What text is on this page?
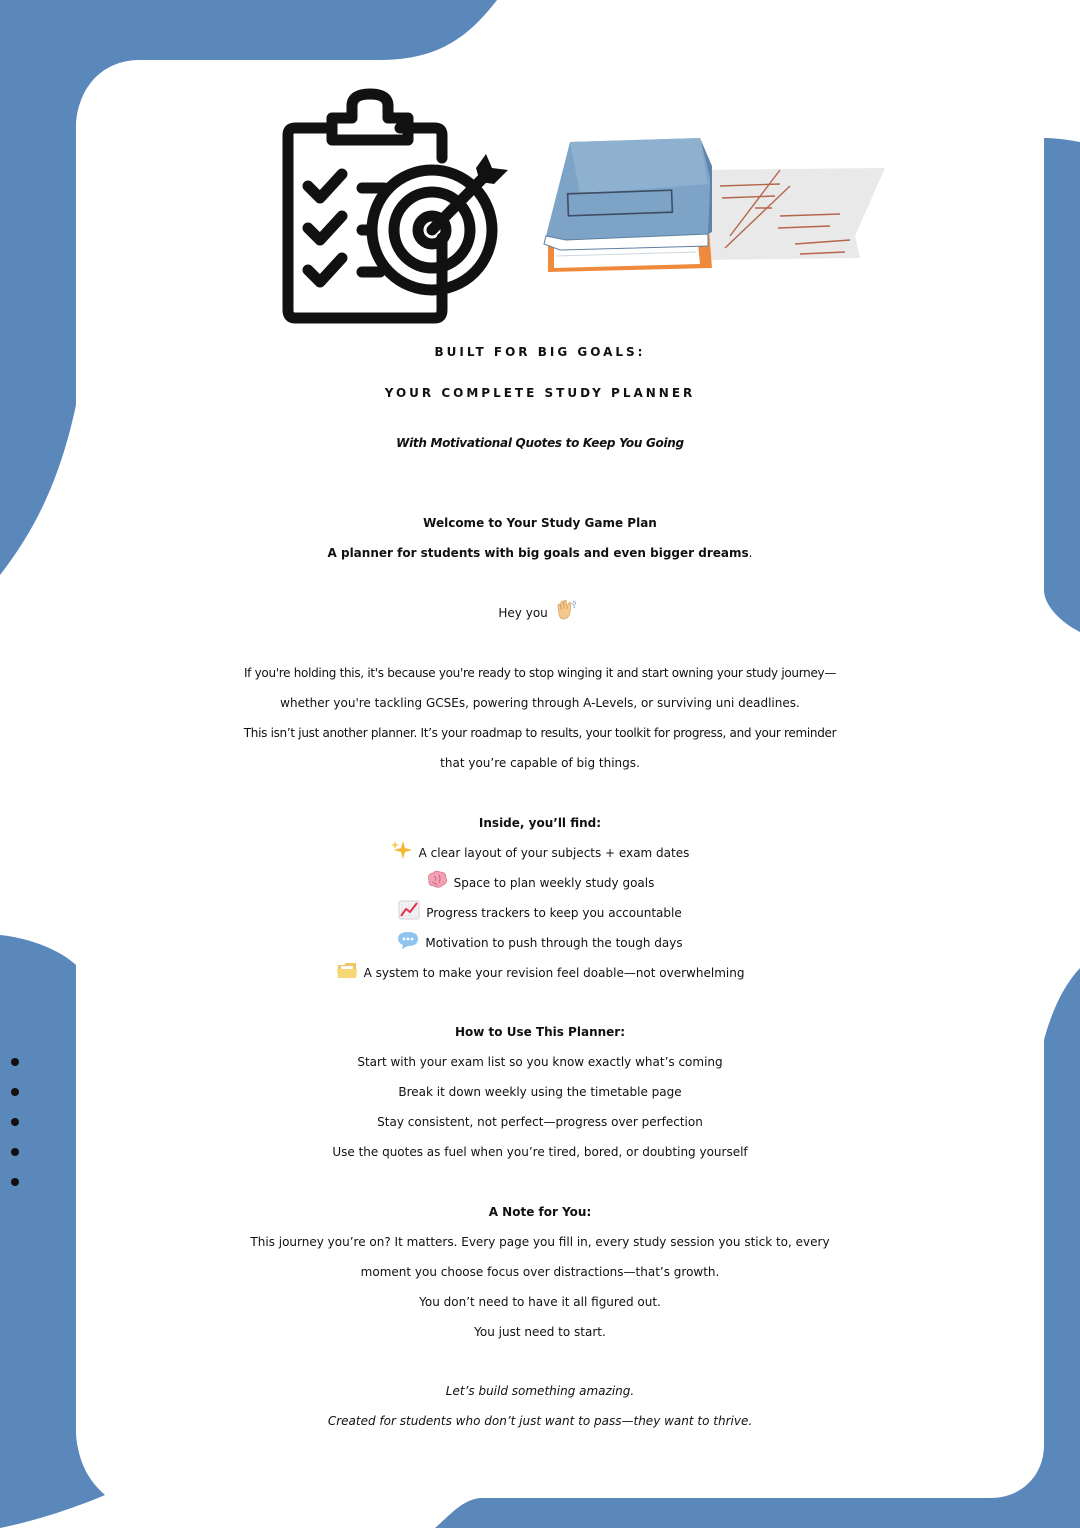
BUILT FOR BIG GOALS:
YOUR COMPLETE STUDY PLANNER

With Motivational Quotes to Keep You Going

Welcome to Your Study Game Plan

A planner for students with big goals and even bigger dreams.

Hey you

If you're holding this, it's because you're ready to stop winging it and start owning your study journey—

whether you're tackling GCSEs, powering through A-Levels, or surviving uni deadlines.

This isn’t just another planner. It’s your roadmap to results, your toolkit for progress, and your reminder

that you’re capable of big things.

Inside, you’ll find:

A clear layout of your subjects + exam dates

Space to plan weekly study goals

Progress trackers to keep you accountable

Motivation to push through the tough days

A system to make your revision feel doable—not overwhelming

How to Use This Planner:

Start with your exam list so you know exactly what’s coming

Break it down weekly using the timetable page

Stay consistent, not perfect—progress over perfection

Use the quotes as fuel when you’re tired, bored, or doubting yourself

A Note for You:

This journey you’re on? It matters. Every page you fill in, every study session you stick to, every

moment you choose focus over distractions—that’s growth.

You don’t need to have it all figured out.

You just need to start.

Let’s build something amazing.

Created for students who don’t just want to pass—they want to thrive.
